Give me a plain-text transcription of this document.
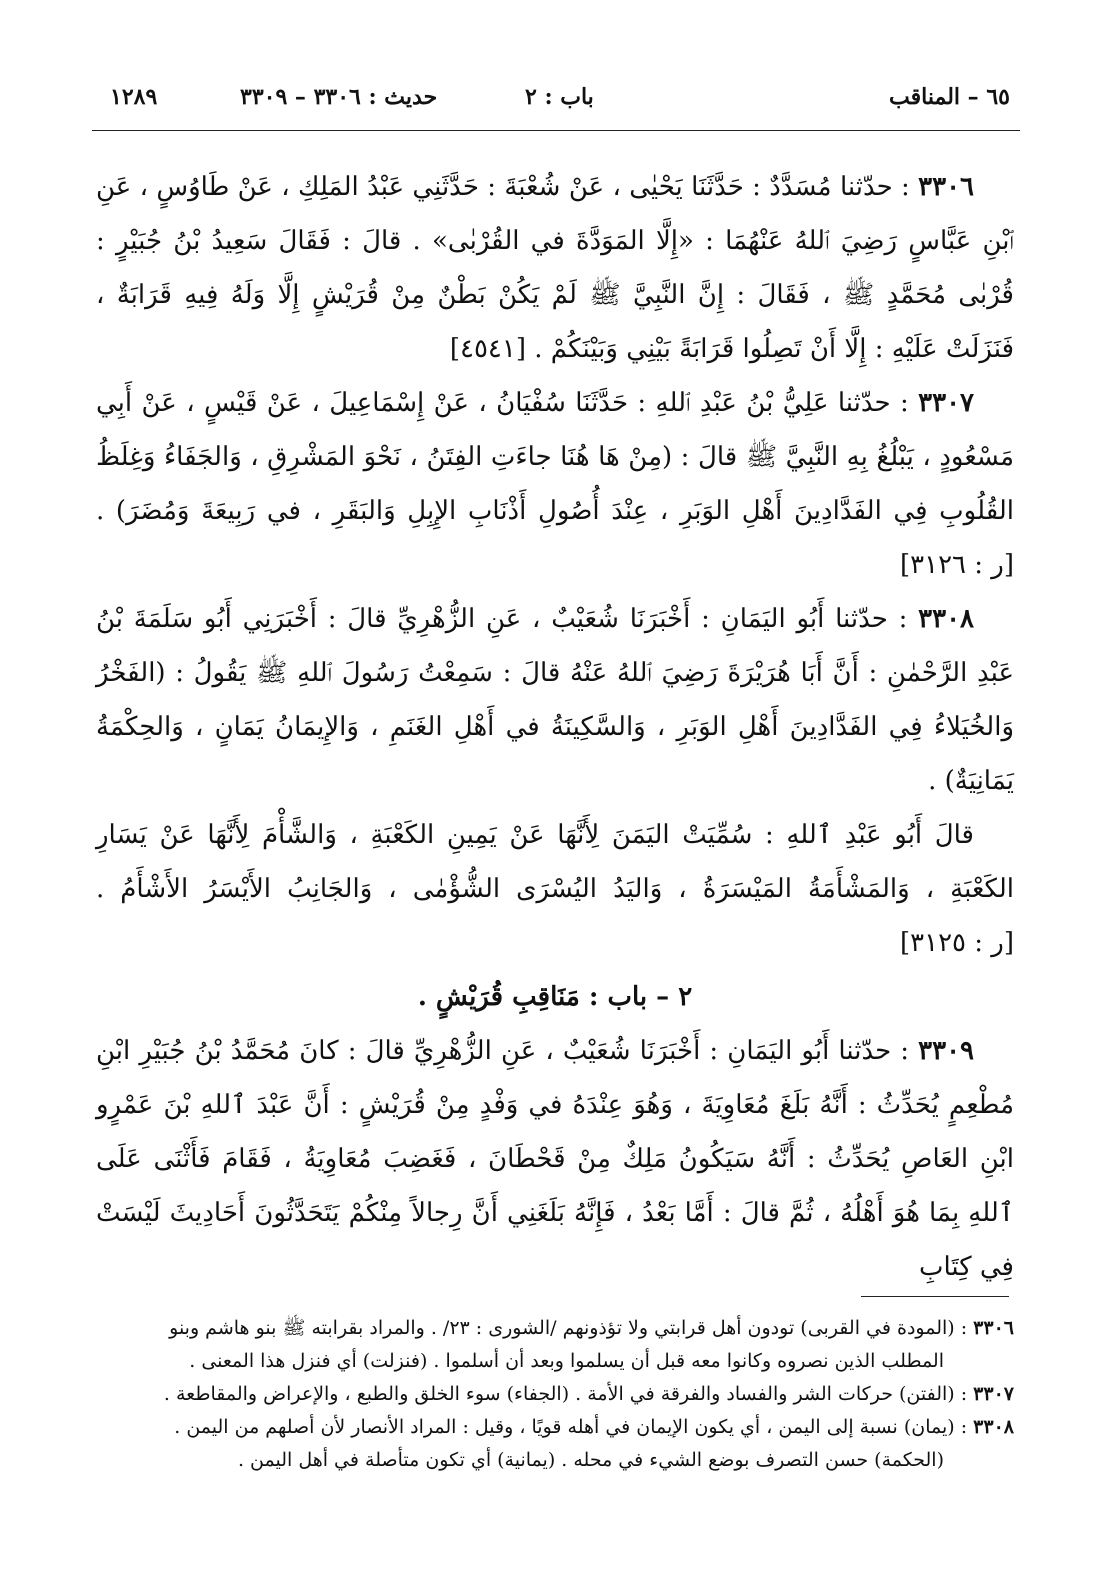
١٢٨٩	حديث : ٣٣٠٦ – ٣٣٠٩	باب : ٢	٦٥ – المناقب

٣٣٠٦ : حدّثنا مُسَدَّدٌ : حَدَّثَنَا يَحْيٰى ، عَنْ شُعْبَةَ : حَدَّثَنِي عَبْدُ المَلِكِ ، عَنْ طَاوُسٍ ، عَنِ ٱبْنِ عَبَّاسٍ رَضِيَ ٱللهُ عَنْهُمَا : «إِلَّا المَوَدَّةَ في القُرْبٰى» . قالَ : فَقَالَ سَعِيدُ بْنُ جُبَيْرٍ : قُرْبٰى مُحَمَّدٍ ﷺ ، فَقَالَ : إِنَّ النَّبِيَّ ﷺ لَمْ يَكُنْ بَطْنٌ مِنْ قُرَيْشٍ إِلَّا وَلَهُ فِيهِ قَرَابَةٌ ، فَنَزَلَتْ عَلَيْهِ : إِلَّا أَنْ تَصِلُوا قَرَابَةً بَيْنِي وَبَيْنَكُمْ . [٤٥٤١]

٣٣٠٧ : حدّثنا عَلِيُّ بْنُ عَبْدِ ٱللهِ : حَدَّثَنَا سُفْيَانُ ، عَنْ إِسْمَاعِيلَ ، عَنْ قَيْسٍ ، عَنْ أَبِي مَسْعُودٍ ، يَبْلُغُ بِهِ النَّبِيَّ ﷺ قالَ : (مِنْ هَا هُنَا جاءَتِ الفِتَنُ ، نَحْوَ المَشْرِقِ ، وَالجَفَاءُ وَغِلَظُ القُلُوبِ فِي الفَدَّادِينَ أَهْلِ الوَبَرِ ، عِنْدَ أُصُولِ أَذْنَابِ الإِبِلِ وَالبَقَرِ ، في رَبِيعَةَ وَمُضَرَ) . [ر : ٣١٢٦]

٣٣٠٨ : حدّثنا أَبُو اليَمَانِ : أَخْبَرَنَا شُعَيْبٌ ، عَنِ الزُّهْرِيِّ قالَ : أَخْبَرَنِي أَبُو سَلَمَةَ بْنُ عَبْدِ الرَّحْمٰنِ : أَنَّ أَبَا هُرَيْرَةَ رَضِيَ ٱللهُ عَنْهُ قالَ : سَمِعْتُ رَسُولَ ٱللهِ ﷺ يَقُولُ : (الفَخْرُ وَالخُيَلاءُ فِي الفَدَّادِينَ أَهْلِ الوَبَرِ ، وَالسَّكِينَةُ في أَهْلِ الغَنَمِ ، وَالإِيمَانُ يَمَانٍ ، وَالحِكْمَةُ يَمَانِيَةٌ) .

قالَ أَبُو عَبْدِ ٱللهِ : سُمِّيَتْ اليَمَنَ لِأَنَّهَا عَنْ يَمِينِ الكَعْبَةِ ، وَالشَّأْمَ لِأَنَّهَا عَنْ يَسَارِ الكَعْبَةِ ، وَالمَشْأَمَةُ المَيْسَرَةُ ، وَاليَدُ اليُسْرَى الشُّؤْمٰى ، وَالجَانِبُ الأَيْسَرُ الأَشْأَمُ . [ر : ٣١٢٥]

٢ – باب : مَنَاقِبِ قُرَيْشٍ .

٣٣٠٩ : حدّثنا أَبُو اليَمَانِ : أَخْبَرَنَا شُعَيْبٌ ، عَنِ الزُّهْرِيِّ قالَ : كانَ مُحَمَّدُ بْنُ جُبَيْرِ ابْنِ مُطْعِمٍ يُحَدِّثُ : أَنَّهُ بَلَغَ مُعَاوِيَةَ ، وَهُوَ عِنْدَهُ في وَفْدٍ مِنْ قُرَيْشٍ : أَنَّ عَبْدَ ٱللهِ بْنَ عَمْرٍو ابْنِ العَاصِ يُحَدِّثُ : أَنَّهُ سَيَكُونُ مَلِكٌ مِنْ قَحْطَانَ ، فَغَضِبَ مُعَاوِيَةُ ، فَقَامَ فَأَثْنَى عَلَى ٱللهِ بِمَا هُوَ أَهْلُهُ ، ثُمَّ قالَ : أَمَّا بَعْدُ ، فَإِنَّهُ بَلَغَنِي أَنَّ رِجالاً مِنْكُمْ يَتَحَدَّثُونَ أَحَادِيثَ لَيْسَتْ فِي كِتَابِ

٣٣٠٦ : (المودة في القربى) تودون أهل قرابتي ولا تؤذونهم /الشورى : ٢٣/ . والمراد بقرابته ﷺ بنو هاشم وبنو

المطلب الذين نصروه وكانوا معه قبل أن يسلموا وبعد أن أسلموا . (فنزلت) أي فنزل هذا المعنى .

٣٣٠٧ : (الفتن) حركات الشر والفساد والفرقة في الأمة . (الجفاء) سوء الخلق والطبع ، والإعراض والمقاطعة .

٣٣٠٨ : (يمان) نسبة إلى اليمن ، أي يكون الإيمان في أهله قويًا ، وقيل : المراد الأنصار لأن أصلهم من اليمن .

(الحكمة) حسن التصرف بوضع الشيء في محله . (يمانية) أي تكون متأصلة في أهل اليمن .
